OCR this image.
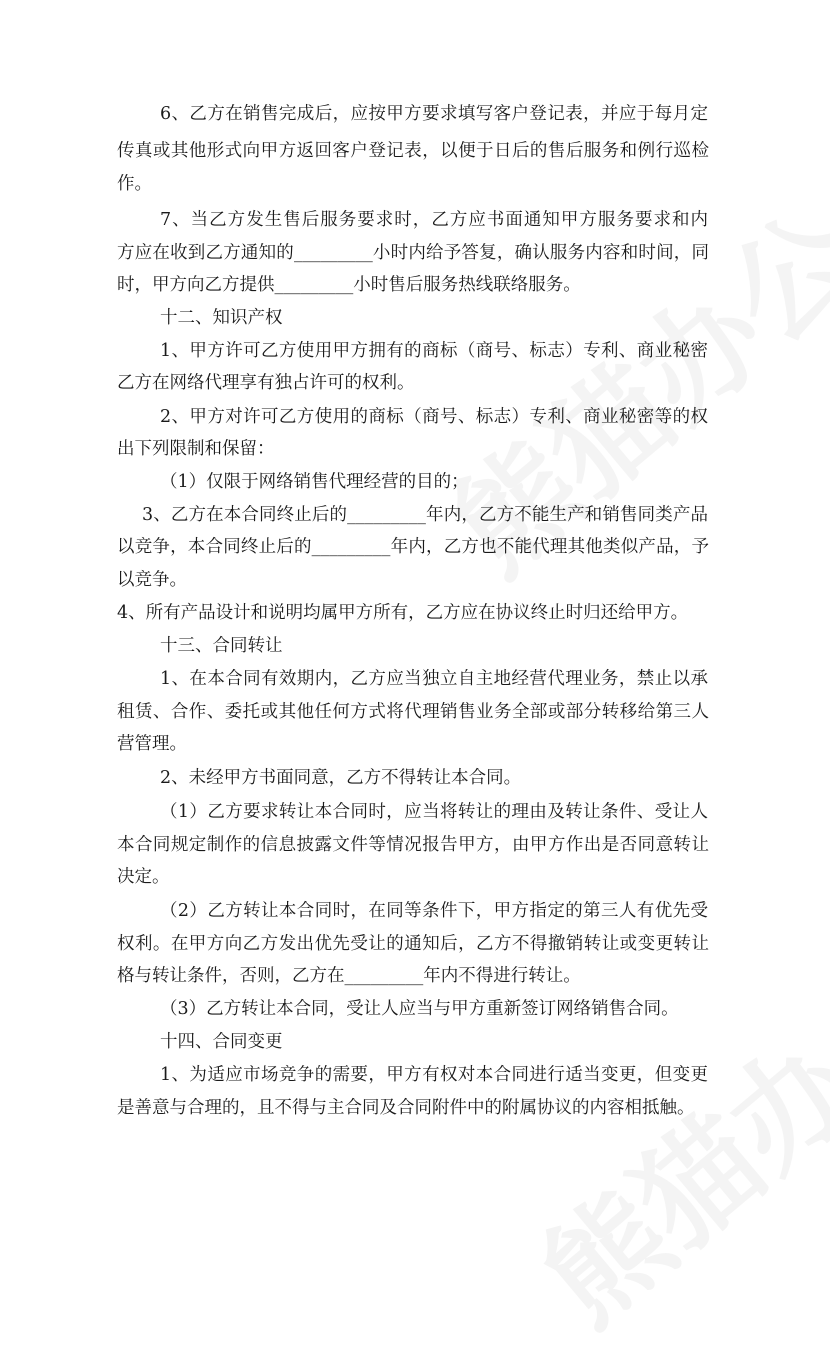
6、乙方在销售完成后，应按甲方要求填写客户登记表，并应于每月定
传真或其他形式向甲方返回客户登记表，以便于日后的售后服务和例行巡检
作。
7、当乙方发生售后服务要求时，乙方应书面通知甲方服务要求和内
方应在收到乙方通知的_________小时内给予答复，确认服务内容和时间，同
时，甲方向乙方提供_________小时售后服务热线联络服务。
十二、知识产权
1、甲方许可乙方使用甲方拥有的商标（商号、标志）专利、商业秘密
乙方在网络代理享有独占许可的权利。
2、甲方对许可乙方使用的商标（商号、标志）专利、商业秘密等的权
出下列限制和保留：
（1）仅限于网络销售代理经营的目的；
3、乙方在本合同终止后的_________年内，乙方不能生产和销售同类产品
以竞争，本合同终止后的_________年内，乙方也不能代理其他类似产品，予
以竞争。
4、所有产品设计和说明均属甲方所有，乙方应在协议终止时归还给甲方。
十三、合同转让
1、在本合同有效期内，乙方应当独立自主地经营代理业务，禁止以承
租赁、合作、委托或其他任何方式将代理销售业务全部或部分转移给第三人
营管理。
2、未经甲方书面同意，乙方不得转让本合同。
（1）乙方要求转让本合同时，应当将转让的理由及转让条件、受让人
本合同规定制作的信息披露文件等情况报告甲方，由甲方作出是否同意转让
决定。
（2）乙方转让本合同时，在同等条件下，甲方指定的第三人有优先受
权利。在甲方向乙方发出优先受让的通知后，乙方不得撤销转让或变更转让
格与转让条件，否则，乙方在_________年内不得进行转让。
（3）乙方转让本合同，受让人应当与甲方重新签订网络销售合同。
十四、合同变更
1、为适应市场竞争的需要，甲方有权对本合同进行适当变更，但变更
是善意与合理的，且不得与主合同及合同附件中的附属协议的内容相抵触。
